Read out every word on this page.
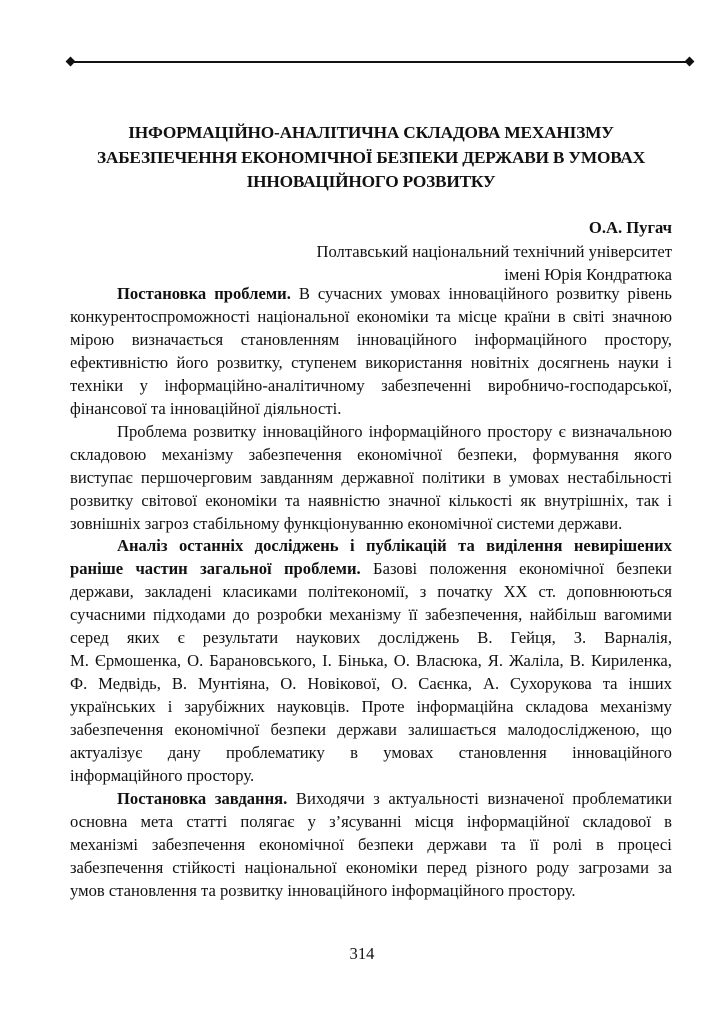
ІНФОРМАЦІЙНО-АНАЛІТИЧНА СКЛАДОВА МЕХАНІЗМУ
ЗАБЕЗПЕЧЕННЯ ЕКОНОМІЧНОЇ БЕЗПЕКИ ДЕРЖАВИ В УМОВАХ
ІННОВАЦІЙНОГО РОЗВИТКУ
О.А. Пугач
Полтавський національний технічний університет
імені Юрія Кондратюка
Постановка проблеми. В сучасних умовах інноваційного розвитку рівень
конкурентоспроможності національної економіки та місце країни в світі значною
мірою визначається становленням інноваційного інформаційного простору,
ефективністю його розвитку, ступенем використання новітніх досягнень науки і
техніки у інформаційно-аналітичному забезпеченні виробничо-господарської,
фінансової та інноваційної діяльності.
Проблема розвитку інноваційного інформаційного простору є визначальною
складовою механізму забезпечення економічної безпеки, формування якого
виступає першочерговим завданням державної політики в умовах нестабільності
розвитку світової економіки та наявністю значної кількості як внутрішніх, так і
зовнішніх загроз стабільному функціонуванню економічної системи держави.
Аналіз останніх досліджень і публікацій та виділення невирішених
раніше частин загальної проблеми. Базові положення економічної безпеки
держави, закладені класиками політекономії, з початку XX ст. доповнюються
сучасними підходами до розробки механізму її забезпечення, найбільш вагомими
серед яких є результати наукових досліджень В. Гейця, З. Варналія,
М. Єрмошенка, О. Барановського, І. Бінька, О. Власюка, Я. Жаліла, В. Кириленка,
Ф. Медвідь, В. Мунтіяна, О. Новікової, О. Саєнка, А. Сухорукова та інших
українських і зарубіжних науковців. Проте інформаційна складова механізму
забезпечення економічної безпеки держави залишається малодослідженою, що
актуалізує дану проблематику в умовах становлення інноваційного
інформаційного простору.
Постановка завдання. Виходячи з актуальності визначеної проблематики
основна мета статті полягає у з’ясуванні місця інформаційної складової в
механізмі забезпечення економічної безпеки держави та її ролі в процесі
забезпечення стійкості національної економіки перед різного роду загрозами за
умов становлення та розвитку інноваційного інформаційного простору.
314
